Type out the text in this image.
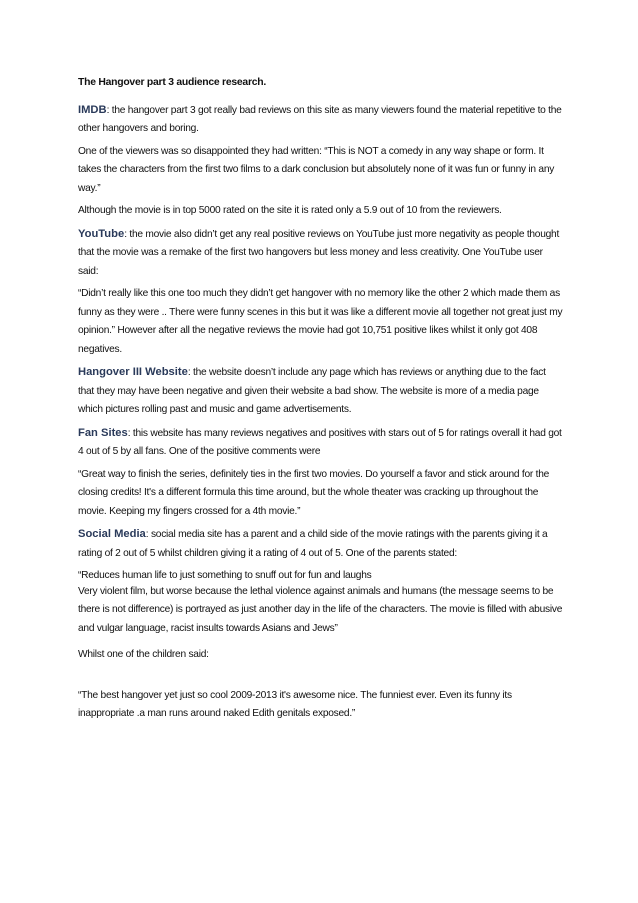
The Hangover part 3 audience research.

IMDB: the hangover part 3 got really bad reviews on this site as many viewers found the material repetitive to the other hangovers and boring.

One of the viewers was so disappointed they had written: “This is NOT a comedy in any way shape or form. It takes the characters from the first two films to a dark conclusion but absolutely none of it was fun or funny in any way.”

Although the movie is in top 5000 rated on the site it is rated only a 5.9 out of 10 from the reviewers.

YouTube: the movie also didn’t get any real positive reviews on YouTube just more negativity as people thought that the movie was a remake of the first two hangovers but less money and less creativity. One YouTube user said:

“Didn’t really like this one too much they didn’t get hangover with no memory like the other 2 which made them as funny as they were .. There were funny scenes in this but it was like a different movie all together not great just my opinion.” However after all the negative reviews the movie had got 10,751 positive likes whilst it only got 408 negatives.

Hangover III Website: the website doesn’t include any page which has reviews or anything due to the fact that they may have been negative and given their website a bad show. The website is more of a media page which pictures rolling past and music and game advertisements.

Fan Sites: this website has many reviews negatives and positives with stars out of 5 for ratings overall it had got 4 out of 5 by all fans. One of the positive comments were

“Great way to finish the series, definitely ties in the first two movies. Do yourself a favor and stick around for the closing credits! It's a different formula this time around, but the whole theater was cracking up throughout the movie. Keeping my fingers crossed for a 4th movie.”

Social Media: social media site has a parent and a child side of the movie ratings with the parents giving it a rating of 2 out of 5 whilst children giving it a rating of 4 out of 5. One of the parents stated:

“Reduces human life to just something to snuff out for fun and laughs
Very violent film, but worse because the lethal violence against animals and humans (the message seems to be there is not difference) is portrayed as just another day in the life of the characters. The movie is filled with abusive and vulgar language, racist insults towards Asians and Jews”

Whilst one of the children said:

“The best hangover yet just so cool 2009-2013 it's awesome nice. The funniest ever. Even its funny its inappropriate .a man runs around naked Edith genitals exposed.”
